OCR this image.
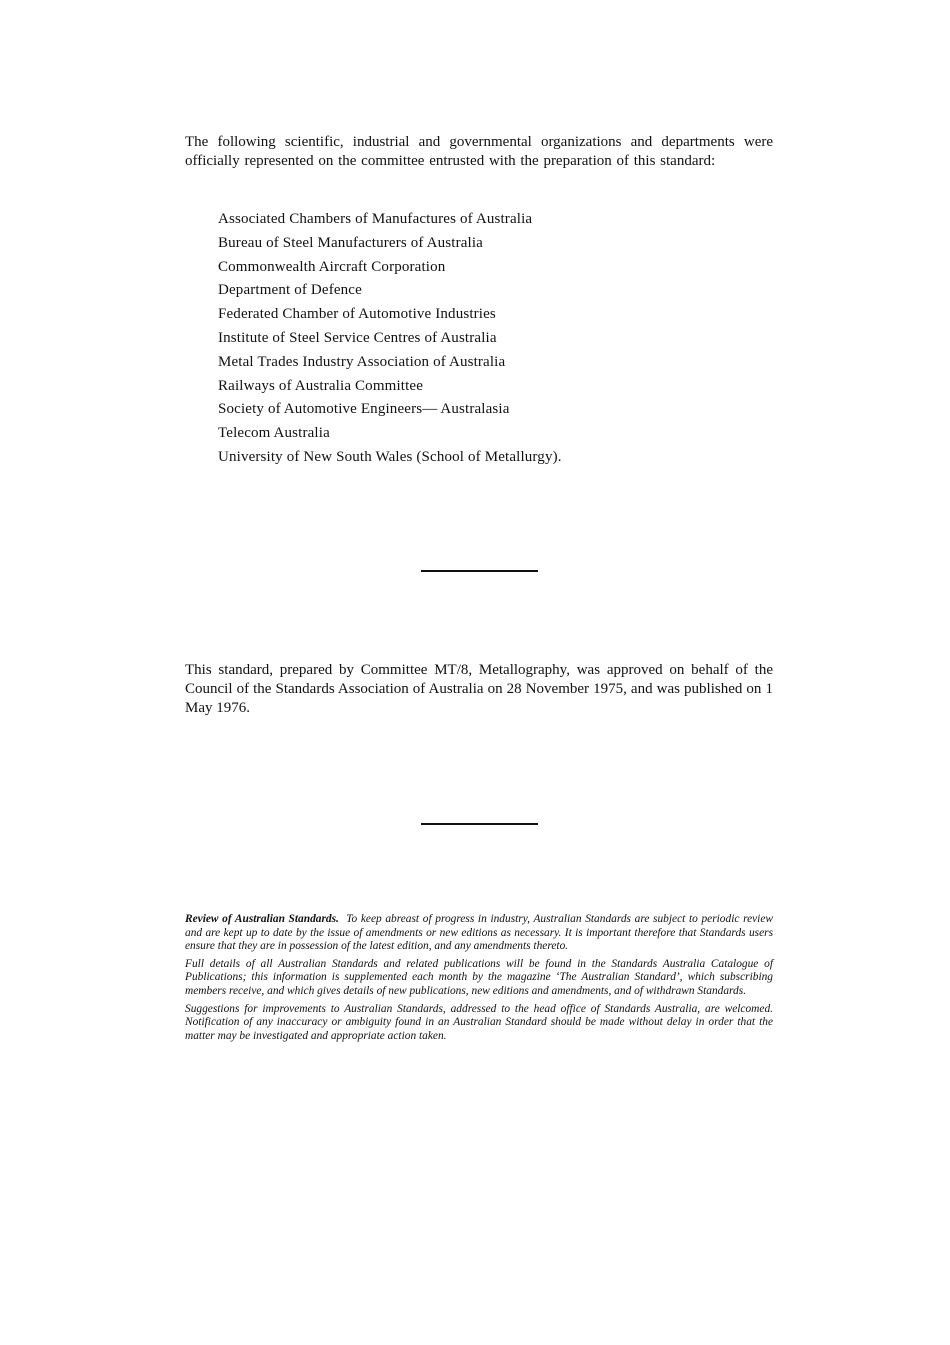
The following scientific, industrial and governmental organizations and departments were officially represented on the committee entrusted with the preparation of this standard:
Associated Chambers of Manufactures of Australia
Bureau of Steel Manufacturers of Australia
Commonwealth Aircraft Corporation
Department of Defence
Federated Chamber of Automotive Industries
Institute of Steel Service Centres of Australia
Metal Trades Industry Association of Australia
Railways of Australia Committee
Society of Automotive Engineers— Australasia
Telecom Australia
University of New South Wales (School of Metallurgy).
This standard, prepared by Committee MT/8, Metallography, was approved on behalf of the Council of the Standards Association of Australia on 28 November 1975, and was published on 1 May 1976.

Review of Australian Standards. To keep abreast of progress in industry, Australian Standards are subject to periodic review and are kept up to date by the issue of amendments or new editions as necessary. It is important therefore that Standards users ensure that they are in possession of the latest edition, and any amendments thereto.

Full details of all Australian Standards and related publications will be found in the Standards Australia Catalogue of Publications; this information is supplemented each month by the magazine ‘The Australian Standard’, which subscribing members receive, and which gives details of new publications, new editions and amendments, and of withdrawn Standards.

Suggestions for improvements to Australian Standards, addressed to the head office of Standards Australia, are welcomed. Notification of any inaccuracy or ambiguity found in an Australian Standard should be made without delay in order that the matter may be investigated and appropriate action taken.
